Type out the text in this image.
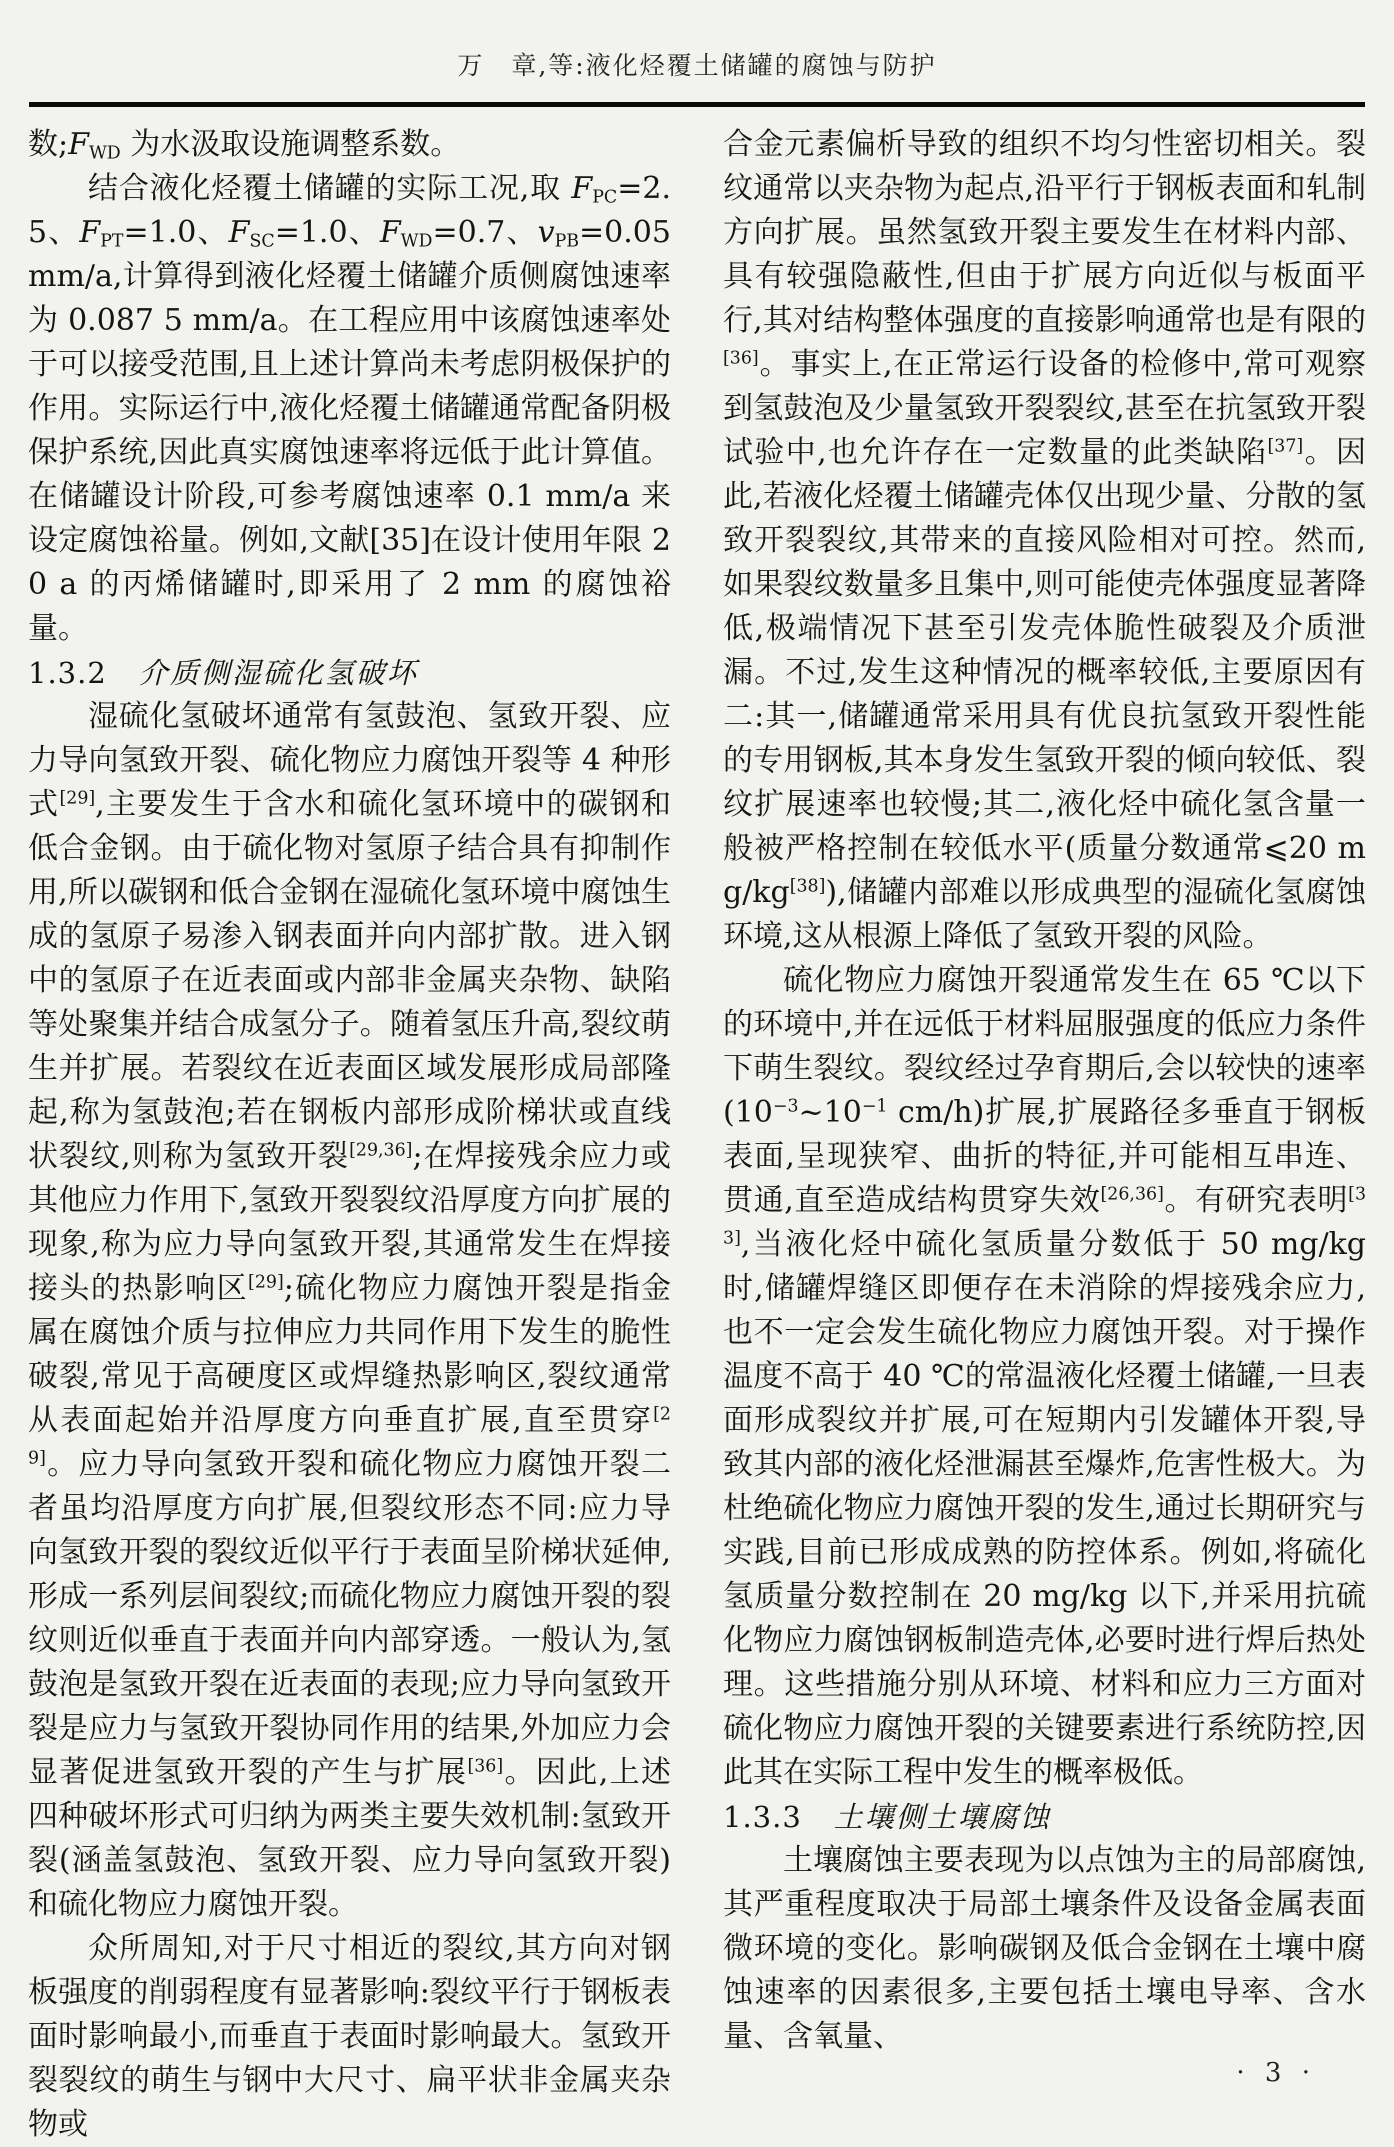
万　章,等:液化烃覆土储罐的腐蚀与防护

数$;F_{WD}$ 为水汲取设施调整系数。

结合液化烃覆土储罐的实际工况,取 $F_{PC}=2.5$、$F_{PT}=1.0$、$F_{SC}=1.0$、$F_{WD}=0.7$、$v_{PB}=0.05$ mm/a,计算得到液化烃覆土储罐介质侧腐蚀速率为 0.087 5 mm/a。在工程应用中该腐蚀速率处于可以接受范围,且上述计算尚未考虑阴极保护的作用。实际运行中,液化烃覆土储罐通常配备阴极保护系统,因此真实腐蚀速率将远低于此计算值。在储罐设计阶段,可参考腐蚀速率 0.1 mm/a 来设定腐蚀裕量。例如,文献[35]在设计使用年限 20 a 的丙烯储罐时,即采用了 2 mm 的腐蚀裕量。

1.3.2 介质侧湿硫化氢破坏

湿硫化氢破坏通常有氢鼓泡、氢致开裂、应力导向氢致开裂、硫化物应力腐蚀开裂等 4 种形式[29],主要发生于含水和硫化氢环境中的碳钢和低合金钢。由于硫化物对氢原子结合具有抑制作用,所以碳钢和低合金钢在湿硫化氢环境中腐蚀生成的氢原子易渗入钢表面并向内部扩散。进入钢中的氢原子在近表面或内部非金属夹杂物、缺陷等处聚集并结合成氢分子。随着氢压升高,裂纹萌生并扩展。若裂纹在近表面区域发展形成局部隆起,称为氢鼓泡;若在钢板内部形成阶梯状或直线状裂纹,则称为氢致开裂[29,36];在焊接残余应力或其他应力作用下,氢致开裂裂纹沿厚度方向扩展的现象,称为应力导向氢致开裂,其通常发生在焊接接头的热影响区[29];硫化物应力腐蚀开裂是指金属在腐蚀介质与拉伸应力共同作用下发生的脆性破裂,常见于高硬度区或焊缝热影响区,裂纹通常从表面起始并沿厚度方向垂直扩展,直至贯穿[29]。应力导向氢致开裂和硫化物应力腐蚀开裂二者虽均沿厚度方向扩展,但裂纹形态不同:应力导向氢致开裂的裂纹近似平行于表面呈阶梯状延伸,形成一系列层间裂纹;而硫化物应力腐蚀开裂的裂纹则近似垂直于表面并向内部穿透。一般认为,氢鼓泡是氢致开裂在近表面的表现;应力导向氢致开裂是应力与氢致开裂协同作用的结果,外加应力会显著促进氢致开裂的产生与扩展[36]。因此,上述四种破坏形式可归纳为两类主要失效机制:氢致开裂(涵盖氢鼓泡、氢致开裂、应力导向氢致开裂)和硫化物应力腐蚀开裂。

众所周知,对于尺寸相近的裂纹,其方向对钢板强度的削弱程度有显著影响:裂纹平行于钢板表面时影响最小,而垂直于表面时影响最大。氢致开裂裂纹的萌生与钢中大尺寸、扁平状非金属夹杂物或

合金元素偏析导致的组织不均匀性密切相关。裂纹通常以夹杂物为起点,沿平行于钢板表面和轧制方向扩展。虽然氢致开裂主要发生在材料内部、具有较强隐蔽性,但由于扩展方向近似与板面平行,其对结构整体强度的直接影响通常也是有限的[36]。事实上,在正常运行设备的检修中,常可观察到氢鼓泡及少量氢致开裂裂纹,甚至在抗氢致开裂试验中,也允许存在一定数量的此类缺陷[37]。因此,若液化烃覆土储罐壳体仅出现少量、分散的氢致开裂裂纹,其带来的直接风险相对可控。然而,如果裂纹数量多且集中,则可能使壳体强度显著降低,极端情况下甚至引发壳体脆性破裂及介质泄漏。不过,发生这种情况的概率较低,主要原因有二:其一,储罐通常采用具有优良抗氢致开裂性能的专用钢板,其本身发生氢致开裂的倾向较低、裂纹扩展速率也较慢;其二,液化烃中硫化氢含量一般被严格控制在较低水平(质量分数通常⩽20 mg/kg[38]),储罐内部难以形成典型的湿硫化氢腐蚀环境,这从根源上降低了氢致开裂的风险。

硫化物应力腐蚀开裂通常发生在 65 ℃以下的环境中,并在远低于材料屈服强度的低应力条件下萌生裂纹。裂纹经过孕育期后,会以较快的速率($10^{-3}\sim 10^{-1}$ cm/h)扩展,扩展路径多垂直于钢板表面,呈现狭窄、曲折的特征,并可能相互串连、贯通,直至造成结构贯穿失效[26,36]。有研究表明[33],当液化烃中硫化氢质量分数低于 50 mg/kg 时,储罐焊缝区即便存在未消除的焊接残余应力,也不一定会发生硫化物应力腐蚀开裂。对于操作温度不高于 40 ℃的常温液化烃覆土储罐,一旦表面形成裂纹并扩展,可在短期内引发罐体开裂,导致其内部的液化烃泄漏甚至爆炸,危害性极大。为杜绝硫化物应力腐蚀开裂的发生,通过长期研究与实践,目前已形成成熟的防控体系。例如,将硫化氢质量分数控制在 20 mg/kg 以下,并采用抗硫化物应力腐蚀钢板制造壳体,必要时进行焊后热处理。这些措施分别从环境、材料和应力三方面对硫化物应力腐蚀开裂的关键要素进行系统防控,因此其在实际工程中发生的概率极低。

1.3.3 土壤侧土壤腐蚀

土壤腐蚀主要表现为以点蚀为主的局部腐蚀,其严重程度取决于局部土壤条件及设备金属表面微环境的变化。影响碳钢及低合金钢在土壤中腐蚀速率的因素很多,主要包括土壤电导率、含水量、含氧量、

· 3 ·
